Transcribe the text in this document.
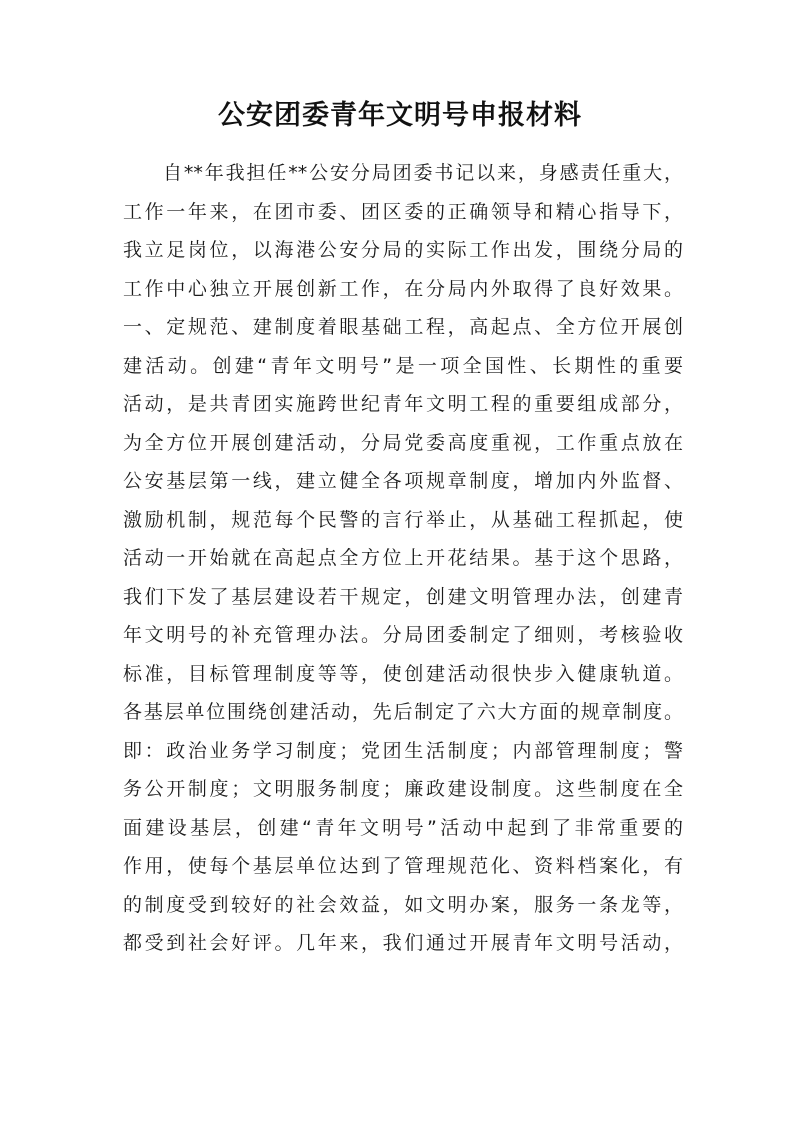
公安团委青年文明号申报材料
自**年我担任**公安分局团委书记以来，身感责任重大，
工作一年来，在团市委、团区委的正确领导和精心指导下，
我立足岗位，以海港公安分局的实际工作出发，围绕分局的
工作中心独立开展创新工作，在分局内外取得了良好效果。
一、定规范、建制度着眼基础工程，高起点、全方位开展创
建活动。创建“青年文明号”是一项全国性、长期性的重要
活动，是共青团实施跨世纪青年文明工程的重要组成部分，
为全方位开展创建活动，分局党委高度重视，工作重点放在
公安基层第一线，建立健全各项规章制度，增加内外监督、
激励机制，规范每个民警的言行举止，从基础工程抓起，使
活动一开始就在高起点全方位上开花结果。基于这个思路，
我们下发了基层建设若干规定，创建文明管理办法，创建青
年文明号的补充管理办法。分局团委制定了细则，考核验收
标准，目标管理制度等等，使创建活动很快步入健康轨道。
各基层单位围绕创建活动，先后制定了六大方面的规章制度。
即：政治业务学习制度；党团生活制度；内部管理制度；警
务公开制度；文明服务制度；廉政建设制度。这些制度在全
面建设基层，创建“青年文明号”活动中起到了非常重要的
作用，使每个基层单位达到了管理规范化、资料档案化，有
的制度受到较好的社会效益，如文明办案，服务一条龙等，
都受到社会好评。几年来，我们通过开展青年文明号活动，
